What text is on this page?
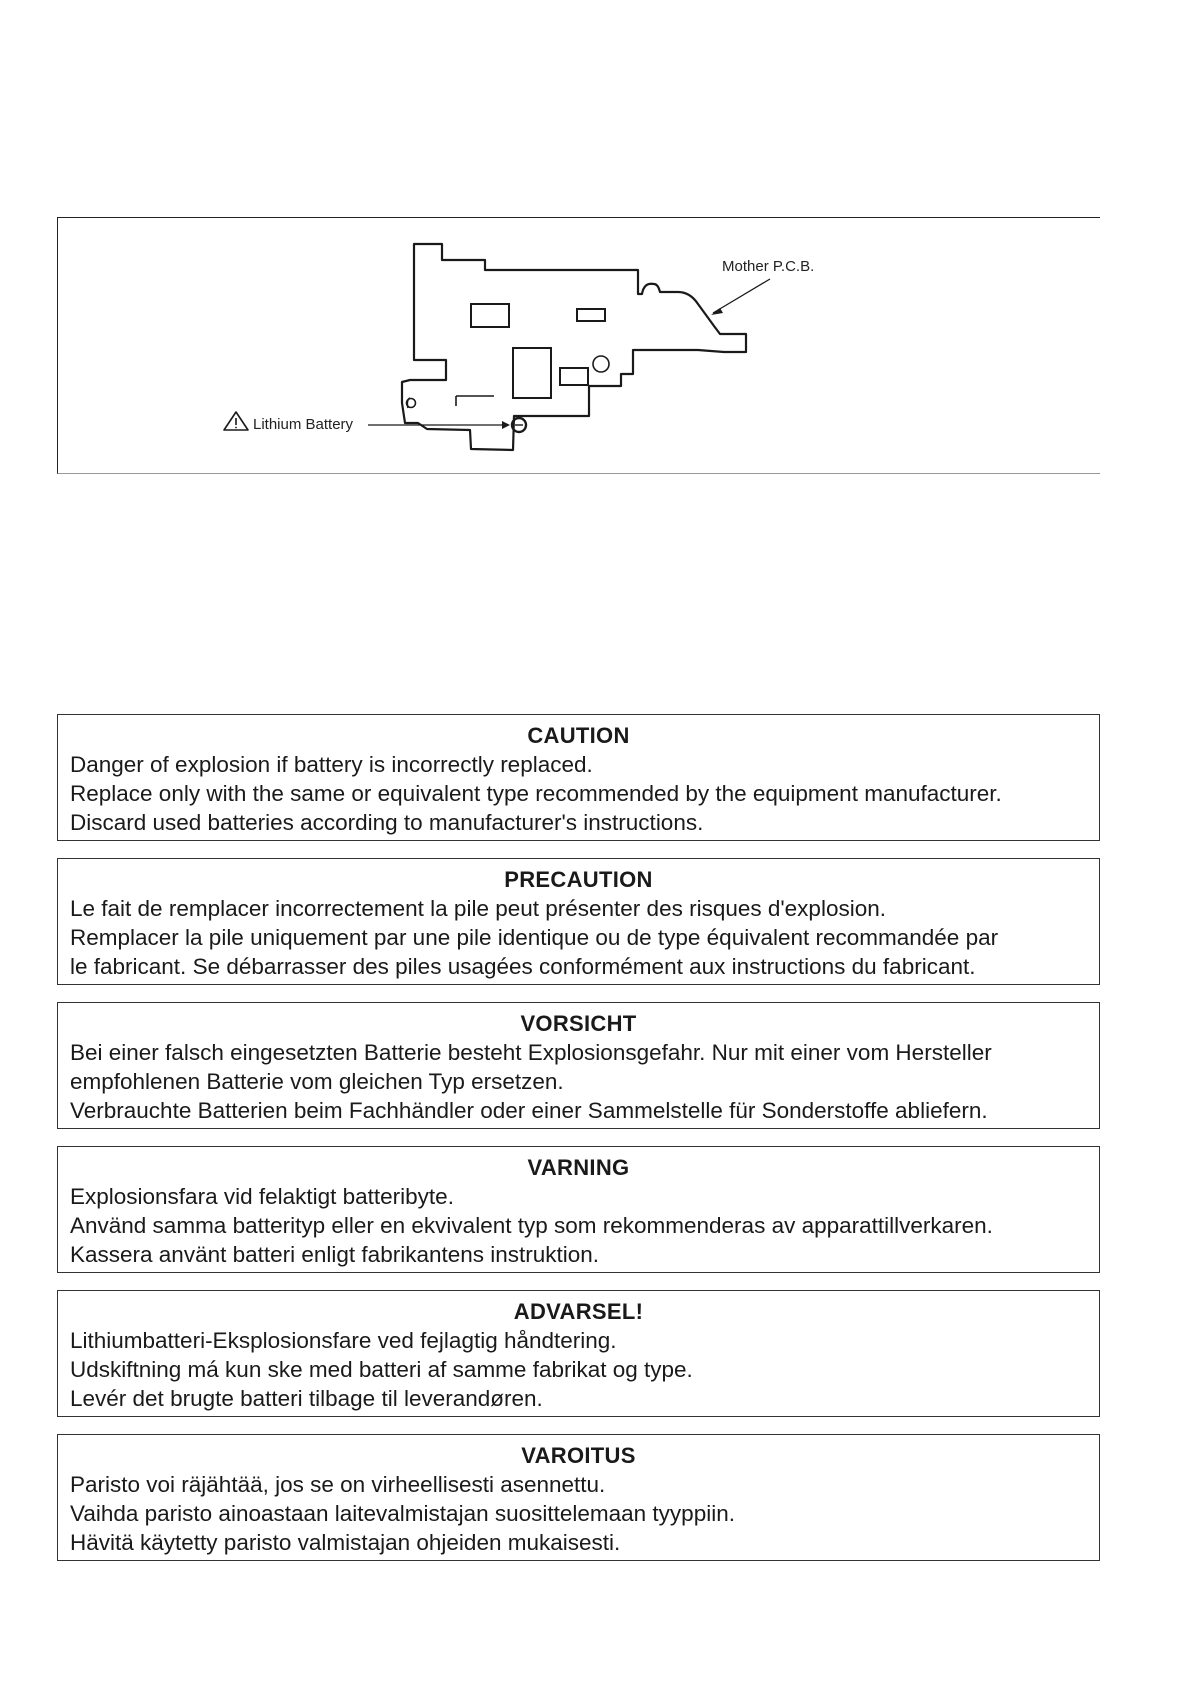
Lithium Battery
Mother P.C.B.
CAUTION
Danger of explosion if battery is incorrectly replaced.
Replace only with the same or equivalent type recommended by the equipment manufacturer.
Discard used batteries according to manufacturer's instructions.
PRECAUTION
Le fait de remplacer incorrectement la pile peut présenter des risques d'explosion.
Remplacer la pile uniquement par une pile identique ou de type équivalent recommandée par
le fabricant. Se débarrasser des piles usagées conformément aux instructions du fabricant.
VORSICHT
Bei einer falsch eingesetzten Batterie besteht Explosionsgefahr. Nur mit einer vom Hersteller
empfohlenen Batterie vom gleichen Typ ersetzen.
Verbrauchte Batterien beim Fachhändler oder einer Sammelstelle für Sonderstoffe abliefern.
VARNING
Explosionsfara vid felaktigt batteribyte.
Använd samma batterityp eller en ekvivalent typ som rekommenderas av apparattillverkaren.
Kassera använt batteri enligt fabrikantens instruktion.
ADVARSEL!
Lithiumbatteri-Eksplosionsfare ved fejlagtig håndtering.
Udskiftning má kun ske med batteri af samme fabrikat og type.
Levér det brugte batteri tilbage til leverandøren.
VAROITUS
Paristo voi räjähtää, jos se on virheellisesti asennettu.
Vaihda paristo ainoastaan laitevalmistajan suosittelemaan tyyppiin.
Hävitä käytetty paristo valmistajan ohjeiden mukaisesti.
